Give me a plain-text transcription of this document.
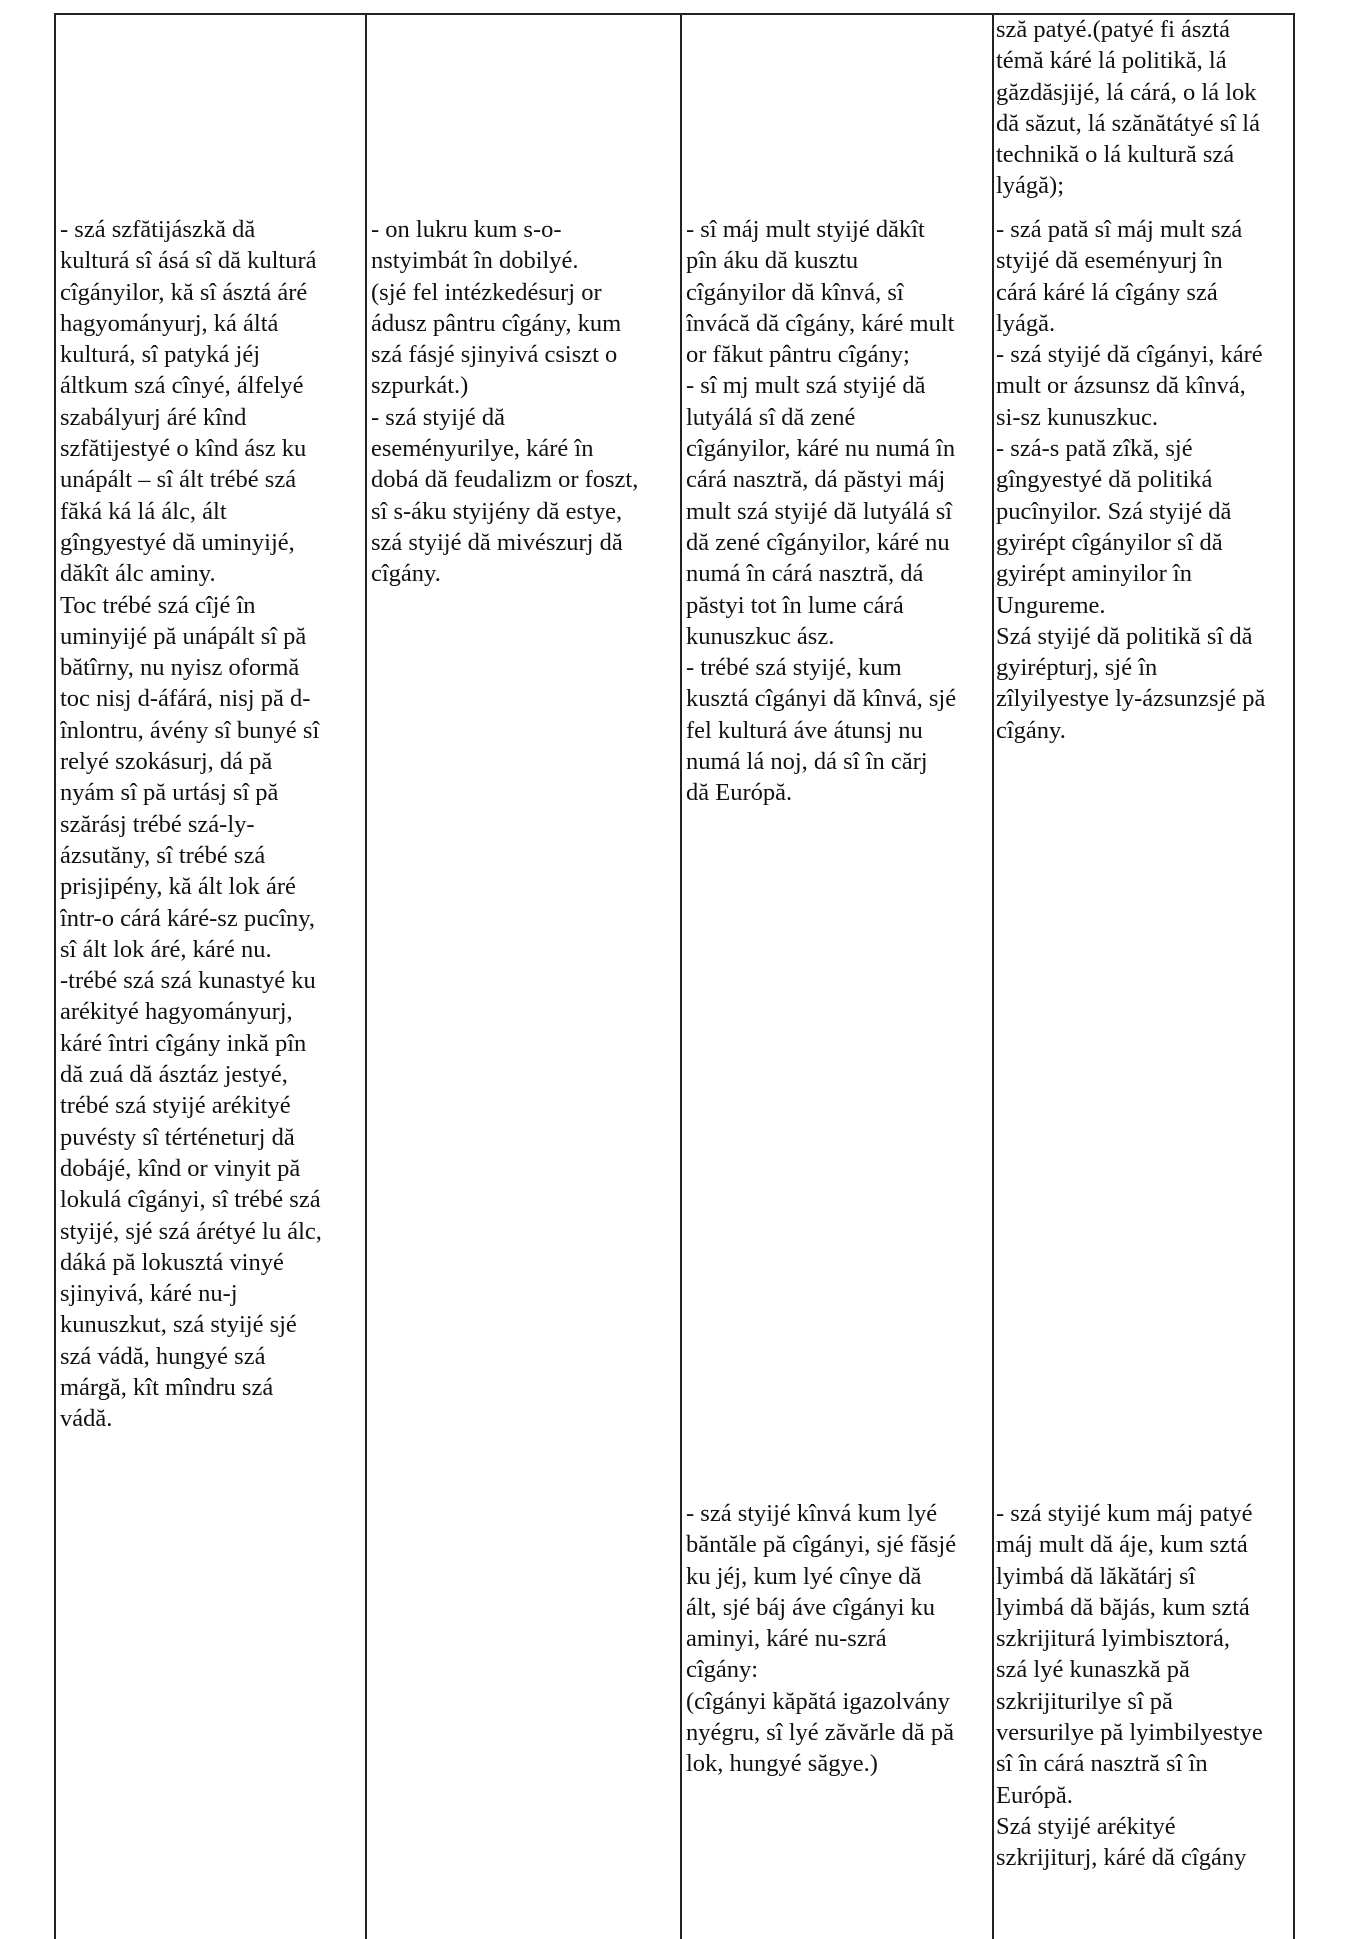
sză patyé.(patyé fi ásztá
témă káré lá politikă, lá
găzdăsjijé, lá cárá, o lá lok
dă săzut, lá szănătátyé sî lá
technikă o lá kultură szá
lyágă);

- szá szfătijászkă dă
kulturá sî ásá sî dă kulturá
cîgányilor, kă sî ásztá áré
hagyományurj, ká áltá
kulturá, sî patyká jéj
áltkum szá cînyé, álfelyé
szabályurj áré kînd
szfătijestyé o kînd ász ku
unápált – sî ált trébé szá
făká ká lá álc, ált
gîngyestyé dă uminyijé,
dăkît álc aminy.
Toc trébé szá cîjé în
uminyijé pă unápált sî pă
bătîrny, nu nyisz oformă
toc nisj d-áfárá, nisj pă d-
înlontru, ávény sî bunyé sî
relyé szokásurj, dá pă
nyám sî pă urtásj sî pă
szărásj trébé szá-ly-
ázsutăny, sî trébé szá
prisjipény, kă ált lok áré
într-o cárá káré-sz pucîny,
sî ált lok áré, káré nu.
-trébé szá szá kunastyé ku
arékityé hagyományurj,
káré întri cîgány inkă pîn
dă zuá dă ásztáz jestyé,
trébé szá styijé arékityé
puvésty sî térténeturj dă
dobájé, kînd or vinyit pă
lokulá cîgányi, sî trébé szá
styijé, sjé szá árétyé lu álc,
dáká pă lokusztá vinyé
sjinyivá, káré nu-j
kunuszkut, szá styijé sjé
szá vádă, hungyé szá
márgă, kît mîndru szá
vádă.

- on lukru kum s-o-
nstyimbát în dobilyé.
(sjé fel intézkedésurj or
ádusz pântru cîgány, kum
szá fásjé sjinyivá csiszt o
szpurkát.)
- szá styijé dă
eseményurilye, káré în
dobá dă feudalizm or foszt,
sî s-áku styijény dă estye,
szá styijé dă mivészurj dă
cîgány.

- sî máj mult styijé dăkît
pîn áku dă kusztu
cîgányilor dă kînvá, sî
învácă dă cîgány, káré mult
or făkut pântru cîgány;
- sî mj mult szá styijé dă
lutyálá sî dă zené
cîgányilor, káré nu numá în
cárá nasztră, dá păstyi máj
mult szá styijé dă lutyálá sî
dă zené cîgányilor, káré nu
numá în cárá nasztră, dá
păstyi tot în lume cárá
kunuszkuc ász.
- trébé szá styijé, kum
kusztá cîgányi dă kînvá, sjé
fel kulturá áve átunsj nu
numá lá noj, dá sî în cărj
dă Európă.

- szá pată sî máj mult szá
styijé dă eseményurj în
cárá káré lá cîgány szá
lyágă.
- szá styijé dă cîgányi, káré
mult or ázsunsz dă kînvá,
si-sz kunuszkuc.
- szá-s pată zîkă, sjé
gîngyestyé dă politiká
pucînyilor. Szá styijé dă
gyirépt cîgányilor sî dă
gyirépt aminyilor în
Ungureme.
Szá styijé dă politikă sî dă
gyirépturj, sjé în
zîlyilyestye ly-ázsunzsjé pă
cîgány.

- szá styijé kînvá kum lyé
băntăle pă cîgányi, sjé făsjé
ku jéj, kum lyé cînye dă
ált, sjé báj áve cîgányi ku
aminyi, káré nu-szrá
cîgány:
(cîgányi kăpătá igazolvány
nyégru, sî lyé zăvărle dă pă
lok, hungyé săgye.)

- szá styijé kum máj patyé
máj mult dă áje, kum sztá
lyimbá dă lăkătárj sî
lyimbá dă băjás, kum sztá
szkrijiturá lyimbisztorá,
szá lyé kunaszkă pă
szkrijiturilye sî pă
versurilye pă lyimbilyestye
sî în cárá nasztră sî în
Európă.
Szá styijé arékityé
szkrijiturj, káré dă cîgány
